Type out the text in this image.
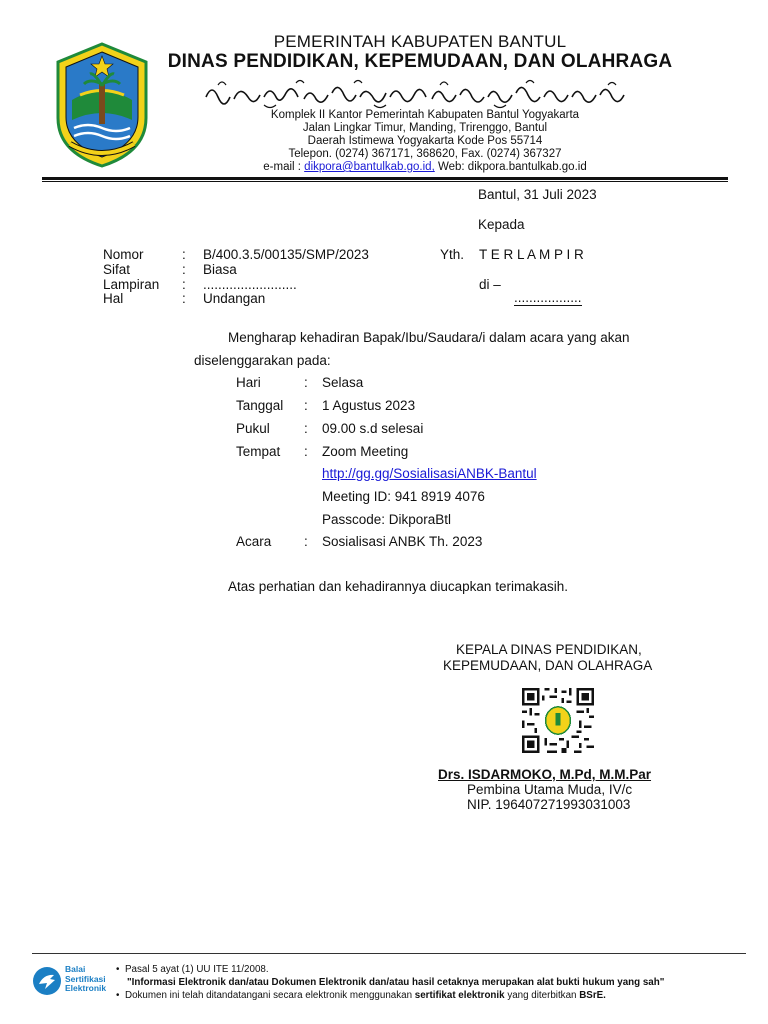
PEMERINTAH KABUPATEN BANTUL
DINAS PENDIDIKAN, KEPEMUDAAN, DAN OLAHRAGA
Komplek II Kantor Pemerintah Kabupaten Bantul Yogyakarta
Jalan Lingkar Timur, Manding, Trirenggo, Bantul
Daerah Istimewa Yogyakarta Kode Pos 55714
Telepon. (0274) 367171, 368620, Fax. (0274) 367327
e-mail : dikpora@bantulkab.go.id, Web: dikpora.bantulkab.go.id
Bantul, 31 Juli 2023
Kepada
Nomor	: B/400.3.5/00135/SMP/2023
Sifat	: Biasa
Lampiran : .........................
Hal	: Undangan
Yth. T E R L A M P I R
di –
..................
Mengharap kehadiran Bapak/Ibu/Saudara/i dalam acara yang akan
diselenggarakan pada:
Hari	: Selasa
Tanggal : 1 Agustus 2023
Pukul	: 09.00 s.d selesai
Tempat : Zoom Meeting
http://gg.gg/SosialisasiANBK-Bantul
Meeting ID: 941 8919 4076
Passcode: DikporaBtl
Acara : Sosialisasi ANBK Th. 2023
Atas perhatian dan kehadirannya diucapkan terimakasih.
KEPALA DINAS PENDIDIKAN,
KEPEMUDAAN, DAN OLAHRAGA
Drs. ISDARMOKO, M.Pd, M.M.Par
Pembina Utama Muda, IV/c
NIP. 196407271993031003
Balai
Sertifikasi
Elektronik
• Pasal 5 ayat (1) UU ITE 11/2008.
"Informasi Elektronik dan/atau Dokumen Elektronik dan/atau hasil cetaknya merupakan alat bukti hukum yang sah"
• Dokumen ini telah ditandatangani secara elektronik menggunakan sertifikat elektronik yang diterbitkan BSrE.
